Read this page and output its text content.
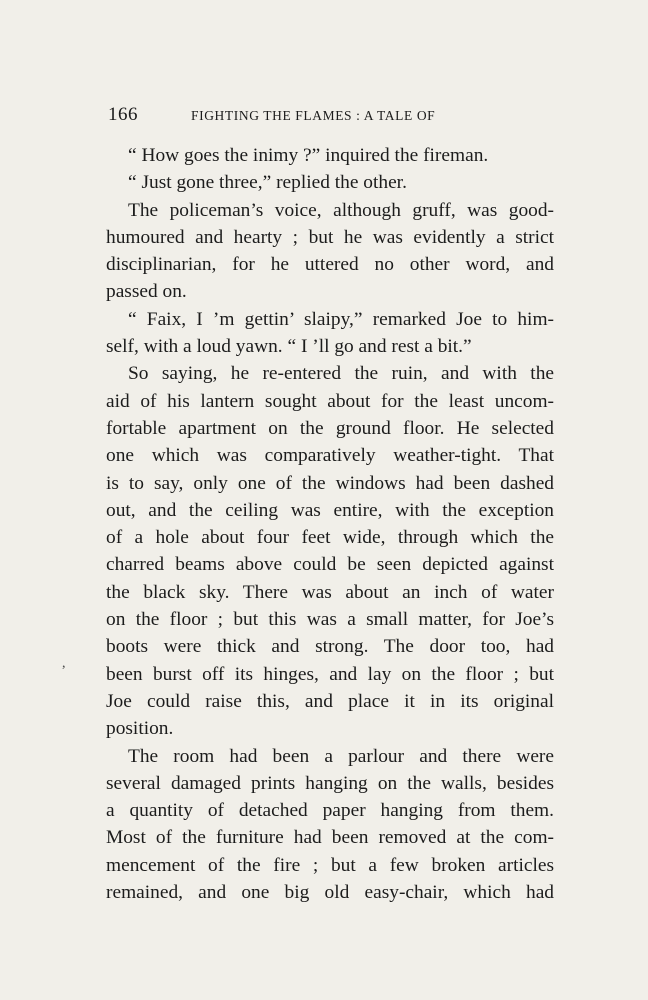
166	FIGHTING THE FLAMES : A TALE OF
,
“ How goes the inimy ?” inquired the fireman.
“ Just gone three,” replied the other.
The policeman’s voice, although gruff, was good-
humoured and hearty ; but he was evidently a strict
disciplinarian, for he uttered no other word, and
passed on.
“ Faix, I ’m gettin’ slaipy,” remarked Joe to him-
self, with a loud yawn. “ I ’ll go and rest a bit.”
So saying, he re-entered the ruin, and with the
aid of his lantern sought about for the least uncom-
fortable apartment on the ground floor. He selected
one which was comparatively weather-tight. That
is to say, only one of the windows had been dashed
out, and the ceiling was entire, with the exception
of a hole about four feet wide, through which the
charred beams above could be seen depicted against
the black sky. There was about an inch of water
on the floor ; but this was a small matter, for Joe’s
boots were thick and strong. The door too, had
been burst off its hinges, and lay on the floor ; but
Joe could raise this, and place it in its original
position.
The room had been a parlour and there were
several damaged prints hanging on the walls, besides
a quantity of detached paper hanging from them.
Most of the furniture had been removed at the com-
mencement of the fire ; but a few broken articles
remained, and one big old easy-chair, which had
